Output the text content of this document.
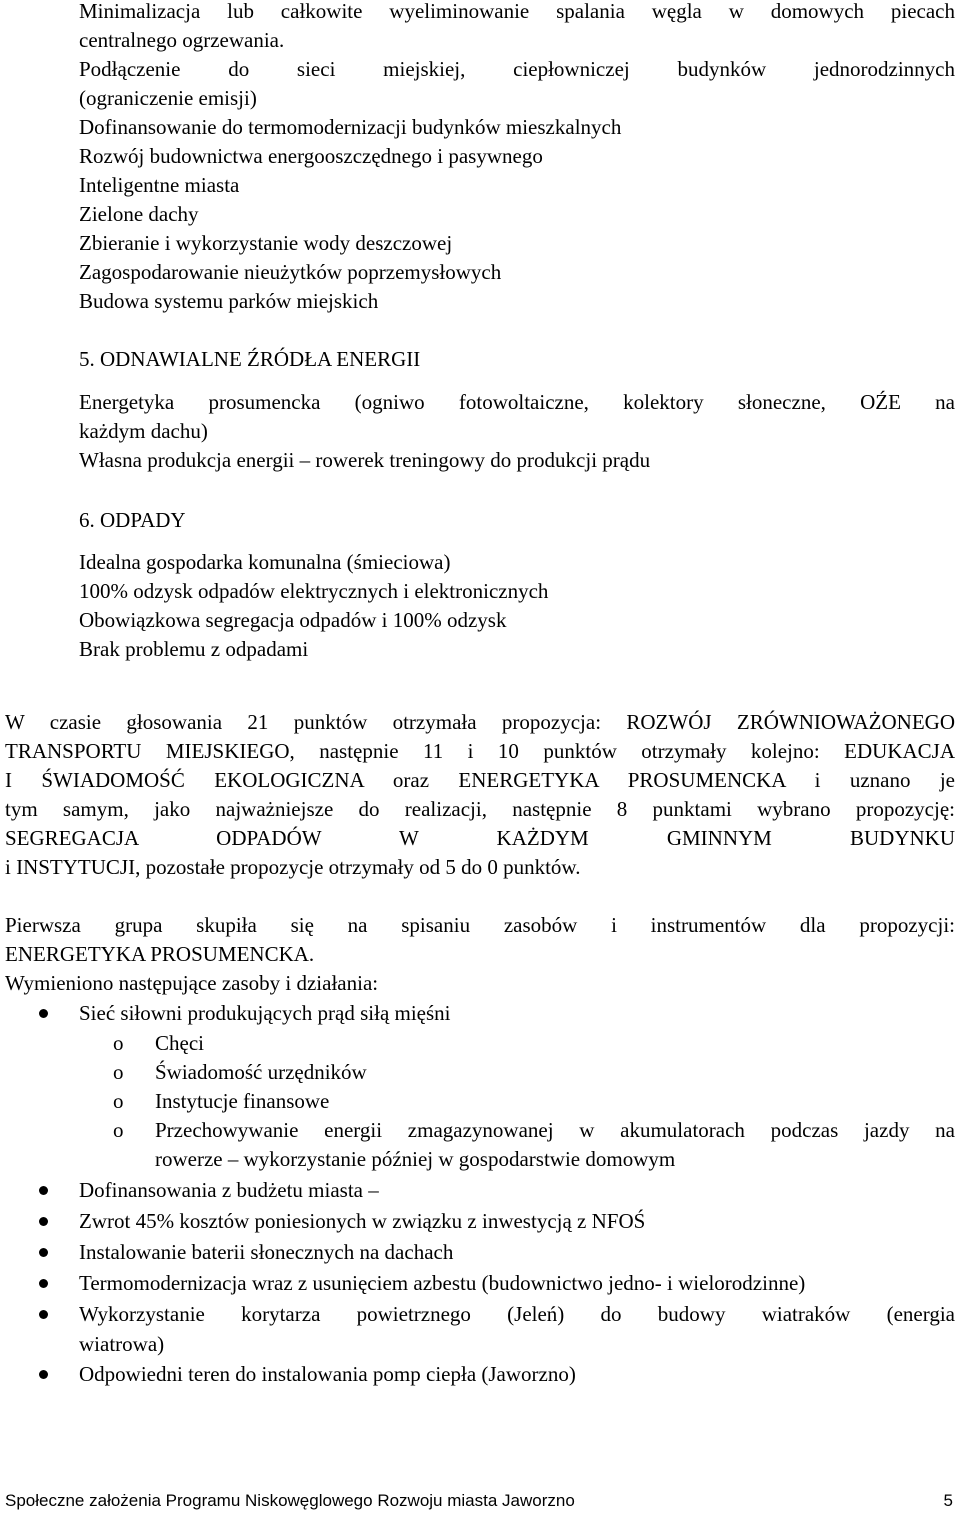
Minimalizacja lub całkowite wyeliminowanie spalania węgla w domowych piecach
centralnego ogrzewania.
Podłączenie do sieci miejskiej, ciepłowniczej budynków jednorodzinnych
(ograniczenie emisji)
Dofinansowanie do termomodernizacji budynków mieszkalnych
Rozwój budownictwa energooszczędnego i pasywnego
Inteligentne miasta
Zielone dachy
Zbieranie i wykorzystanie wody deszczowej
Zagospodarowanie nieużytków poprzemysłowych
Budowa systemu parków miejskich
5. ODNAWIALNE ŹRÓDŁA ENERGII
Energetyka prosumencka (ogniwo fotowoltaiczne, kolektory słoneczne, OŹE na
każdym dachu)
Własna produkcja energii – rowerek treningowy do produkcji prądu
6. ODPADY
Idealna gospodarka komunalna (śmieciowa)
100% odzysk odpadów elektrycznych i elektronicznych
Obowiązkowa segregacja odpadów i 100% odzysk
Brak problemu z odpadami
W czasie głosowania 21 punktów otrzymała propozycja: ROZWÓJ ZRÓWNIOWAŻONEGO
TRANSPORTU MIEJSKIEGO, następnie 11 i 10 punktów otrzymały kolejno: EDUKACJA
I ŚWIADOMOŚĆ EKOLOGICZNA oraz ENERGETYKA PROSUMENCKA i uznano je
tym samym, jako najważniejsze do realizacji, następnie 8 punktami wybrano propozycję:
SEGREGACJA ODPADÓW W KAŻDYM GMINNYM BUDYNKU
i INSTYTUCJI, pozostałe propozycje otrzymały od 5 do 0 punktów.
Pierwsza grupa skupiła się na spisaniu zasobów i instrumentów dla propozycji:
ENERGETYKA PROSUMENCKA.
Wymieniono następujące zasoby i działania:
Sieć siłowni produkujących prąd siłą mięśni
o Chęci
o Świadomość urzędników
o Instytucje finansowe
o Przechowywanie energii zmagazynowanej w akumulatorach podczas jazdy na
rowerze – wykorzystanie później w gospodarstwie domowym
Dofinansowania z budżetu miasta –
Zwrot 45% kosztów poniesionych w związku z inwestycją z NFOŚ
Instalowanie baterii słonecznych na dachach
Termomodernizacja wraz z usunięciem azbestu (budownictwo jedno- i wielorodzinne)
Wykorzystanie korytarza powietrznego (Jeleń) do budowy wiatraków (energia
wiatrowa)
Odpowiedni teren do instalowania pomp ciepła (Jaworzno)
Społeczne założenia Programu Niskowęglowego Rozwoju miasta Jaworzno	5
